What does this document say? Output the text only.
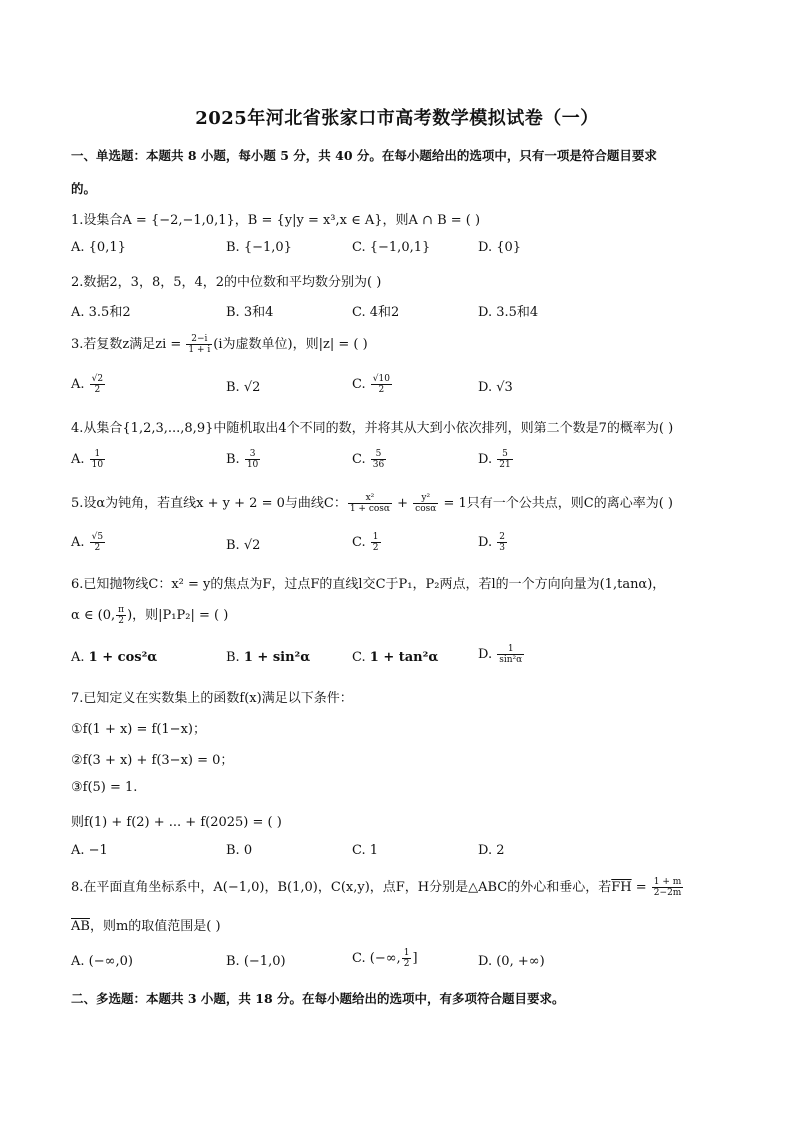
2025年河北省张家口市高考数学模拟试卷（一）
一、单选题：本题共 8 小题，每小题 5 分，共 40 分。在每小题给出的选项中，只有一项是符合题目要求
的。
1.设集合A = {−2,−1,0,1}，B = {y|y = x³,x ∈ A}，则A ∩ B = ( )
A. {0,1}	B. {−1,0}	C. {−1,0,1}	D. {0}
2.数据2，3，8，5，4，2的中位数和平均数分别为( )
A. 3.5和2	B. 3和4	C. 4和2	D. 3.5和4
3.若复数z满足zi = $\frac{2-i}{1 + i} (i$为虚数单位)，则|z| = ( )
A. $\frac{√2}{2}$	B. √2	C. $\frac{√10}{2}$	D. √3
4.从集合{1,2,3,...,8,9}中随机取出4个不同的数，并将其从大到小依次排列，则第二个数是7的概率为( )
A. $\frac{1}{10}$	B. $\frac{3}{10}$	C. $\frac{5}{36}$	D. $\frac{5}{21}$
5.设α为钝角，若直线x + y + 2 = 0与曲线C： $\frac{\text{x²}}{1 + \cos\alpha} + \frac{\text{y²}}{\cos\alpha} = 1$只有一个公共点，则C的离心率为( )
A. $\frac{√5}{2}$	B. √2	C. $\frac{1}{2}$	D. $\frac{2}{3}$
6.已知抛物线C：x² = y的焦点为F，过点F的直线l交C于P₁，P₂两点，若l的一个方向向量为(1,tanα)，
α ∈ (0, $\frac{\pi}{2}$ )，则|P₁P₂| = ( )
A. 1 + cos²α	B. 1 + sin²α	C. 1 + tan²α	D. $\frac{1}{\text{sin²α}}$
7.已知定义在实数集上的函数f(x)满足以下条件：
①f(1 + x) = f(1−x)；
②f(3 + x) + f(3−x) = 0；
③f(5) = 1.
则f(1) + f(2) + ... + f(2025) = ( )
A. −1	B. 0	C. 1	D. 2
8.在平面直角坐标系中，A(−1,0)，B(1,0)，C(x,y)，点F，H分别是△ABC的外心和垂心，若$\overline{FH} = \frac{1 + m}{2-2m}$
$\overline{AB}$，则m的取值范围是( )
A. (−∞,0)	B. (−1,0)	C. (−∞, $\frac{1}{2}$ ]	D. (0, +∞)
二、多选题：本题共 3 小题，共 18 分。在每小题给出的选项中，有多项符合题目要求。
